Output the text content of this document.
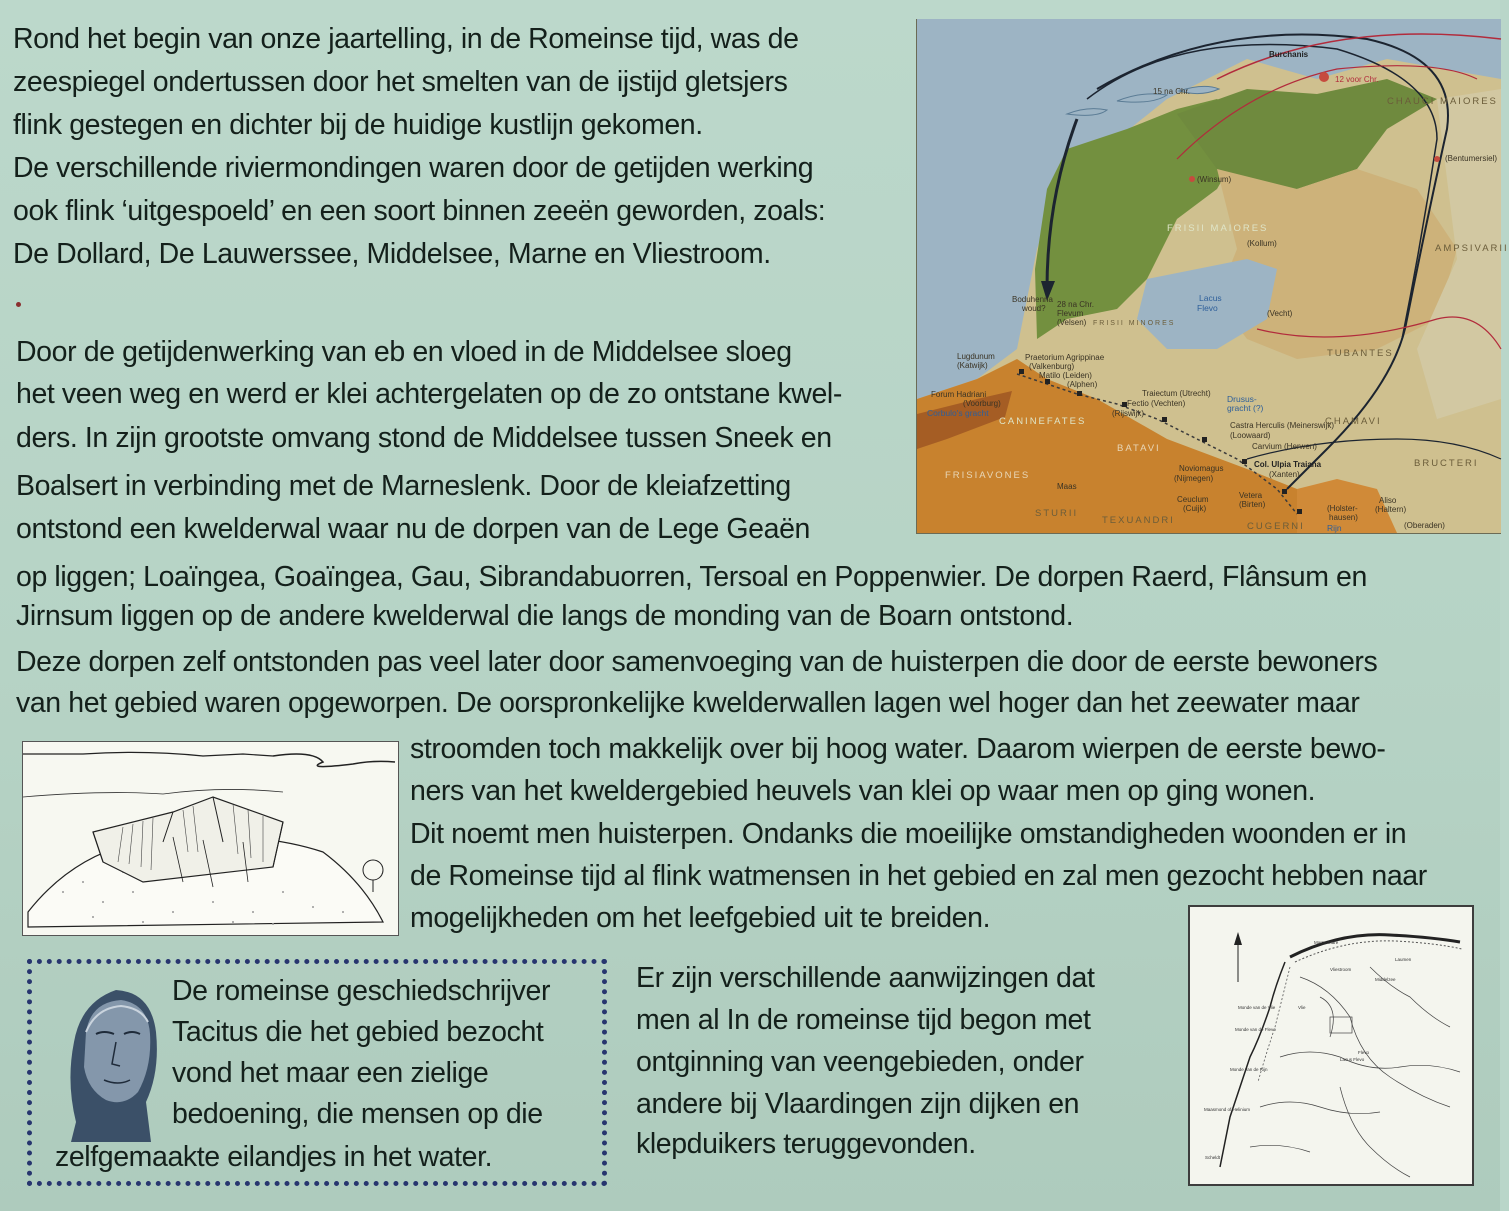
Rond het begin van onze jaartelling, in de Romeinse tijd, was de
zeespiegel ondertussen door het smelten van de ijstijd gletsjers
flink gestegen en dichter bij de huidige kustlijn gekomen.
De verschillende riviermondingen waren door de getijden werking
ook flink ‘uitgespoeld’ en een soort binnen zeeën geworden, zoals:
De Dollard, De Lauwerssee, Middelsee, Marne en Vliestroom.
Door de getijdenwerking van eb en vloed in de Middelsee sloeg
het veen weg en werd er klei achtergelaten op de zo ontstane kwel-
ders. In zijn grootste omvang stond de Middelsee tussen Sneek en
Boalsert in verbinding met de Marneslenk. Door de kleiafzetting
ontstond een kwelderwal waar nu de dorpen van de Lege Geaën
op liggen; Loaïngea, Goaïngea, Gau, Sibrandabuorren, Tersoal en Poppenwier. De dorpen Raerd, Flânsum en
Jirnsum liggen op de andere kwelderwal die langs de monding van de Boarn ontstond.
Deze dorpen zelf ontstonden pas veel later door samenvoeging van de huisterpen die door de eerste bewoners
van het gebied waren opgeworpen. De oorspronkelijke kwelderwallen lagen wel hoger dan het zeewater maar
stroomden toch makkelijk over bij hoog water. Daarom wierpen de eerste bewo-
ners van het kweldergebied heuvels van klei op waar men op ging wonen.
Dit noemt men huisterpen. Ondanks die moeilijke omstandigheden woonden er in
de Romeinse tijd al flink watmensen in het gebied en zal men gezocht hebben naar
mogelijkheden om het leefgebied uit te breiden.
Burchanis
12 voor Chr.
15 na Chr.
CHAUCI MAIORES
(Bentumersiel)
(Winsum)
FRISII MAIORES
(Kollum)	AMPSIVARII
Boduhenna
woud? 28 na Chr.
Flevum
(Velsen) FRISII MINORES
Lacus
Flevo
(Vecht)
TUBANTES
Lugdunum
(Katwijk)
Praetorium Agrippinae
(Valkenburg)
Matilo (Leiden)
(Alphen)
Forum Hadriani
(Voorburg)
Corbulo's gracht
CANINEFATES
Traiectum (Utrecht)
Fectio (Vechten)
(Rijswijk)
Drusus-
gracht (?)
Castra Herculis (Meinerswijk)
(Loowaard)
Carvium (Herwen)
Col. Ulpia Traiana
(Xanten)
CHAMAVI
BATAVI
(Nijmegen)
FRISIAVONES
Maas
Noviomagus
Ceuclum
(Cuijk)
Vetera
(Birten)
BRUCTERI
(Holster-
hausen)
Aliso
(Haltern)
(Oberaden)
STURII
TEXUANDRI
CUGERNI	Rijn
Marne Mare
Laumen
Middelzee
Vliestroom
Monde van de Vlie	Vlie
Monde van de Flevo
Flevo
Monde van de Rijn
Lacus Flevo
Maasmond of Helinium
Scheldt
De romeinse geschiedschrijver
Tacitus die het gebied bezocht
vond het maar een zielige
bedoening, die mensen op die
zelfgemaakte eilandjes in het water.
Er zijn verschillende aanwijzingen dat
men al In de romeinse tijd begon met
ontginning van veengebieden, onder
andere bij Vlaardingen zijn dijken en
klepduikers teruggevonden.
